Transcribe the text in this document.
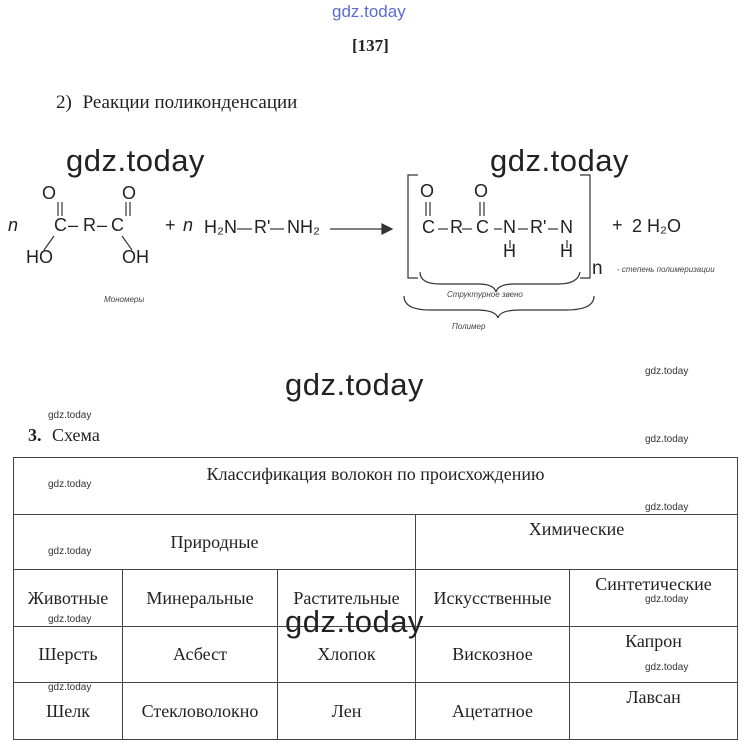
gdz.today
[137]
2) Реакции поликонденсации
gdz.today	gdz.today
n
O	O
C – R – C
HO	OH
+ n H₂N R' NH₂
O O
C R C N R' N
H H
n
+ 2 H₂O
Мономеры
Структурное звено
Полимер
- степень полимеризации
gdz.today	gdz.today
gdz.today
gdz.today
3. Схема
Классификация волокон по происхождению				

Природные			Химические	

Животные	Минеральные	Растительные	Искусственные	Синтетические

Шерсть	Асбест	Хлопок	Вискозное	Капрон

Шелк	Стекловолокно	Лен	Ацетатное	Лавсан
gdz.today
gdz.today
gdz.today
gdz.today
gdz.today	gdz.today
gdz.today
gdz.today
